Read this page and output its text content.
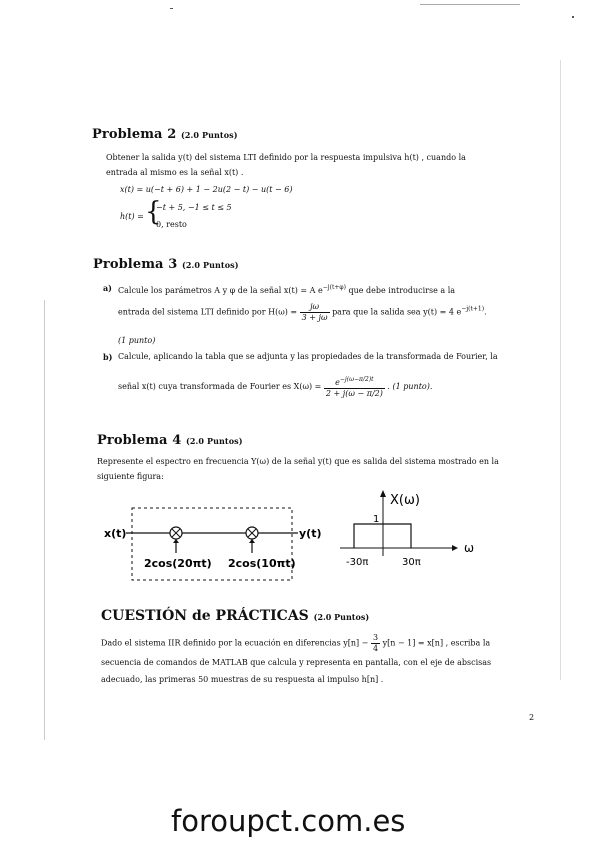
Problema 2 (2.0 Puntos)
Obtener la salida y(t) del sistema LTI definido por la respuesta impulsiva h(t) , cuando la
entrada al mismo es la señal x(t) .
x(t) = u(−t + 6) + 1 − 2u(2 − t) − u(t − 6)
h(t) = {
−t + 5, −1 ≤ t ≤ 5
0, resto
Problema 3 (2.0 Puntos)
a) Calcule los parámetros A y φ de la señal x(t) = A $e^{-j(t+\varphi)}$ que debe introducirse a la
entrada del sistema LTI definido por $H(\omega) = \frac{j\omega}{3 + j\omega}$ para que la salida sea y(t) = 4 $e^{-j(t+1)}$.
(1 punto)
b) Calcule, aplicando la tabla que se adjunta y las propiedades de la transformada de Fourier, la
señal x(t) cuya transformada de Fourier es $X(\omega) = \frac{e^{-j(\omega-\pi/2)t}}{2 + j(\omega - \pi/2)}$ . (1 punto).
Problema 4 (2.0 Puntos)
Represente el espectro en frecuencia Y(ω) de la señal y(t) que es salida del sistema mostrado en la
siguiente figura:
x(t)	y(t)
2cos(20πt) 2cos(10πt)
X(ω)
ω
1
-30π	30π
CUESTIÓN de PRÁCTICAS (2.0 Puntos)
Dado el sistema IIR definido por la ecuación en diferencias $y[n] - \frac{3}{4} y[n - 1] = x[n]$ , escriba la
secuencia de comandos de MATLAB que calcula y representa en pantalla, con el eje de abscisas
adecuado, las primeras 50 muestras de su respuesta al impulso h[n] .
2
foroupct.com.es
